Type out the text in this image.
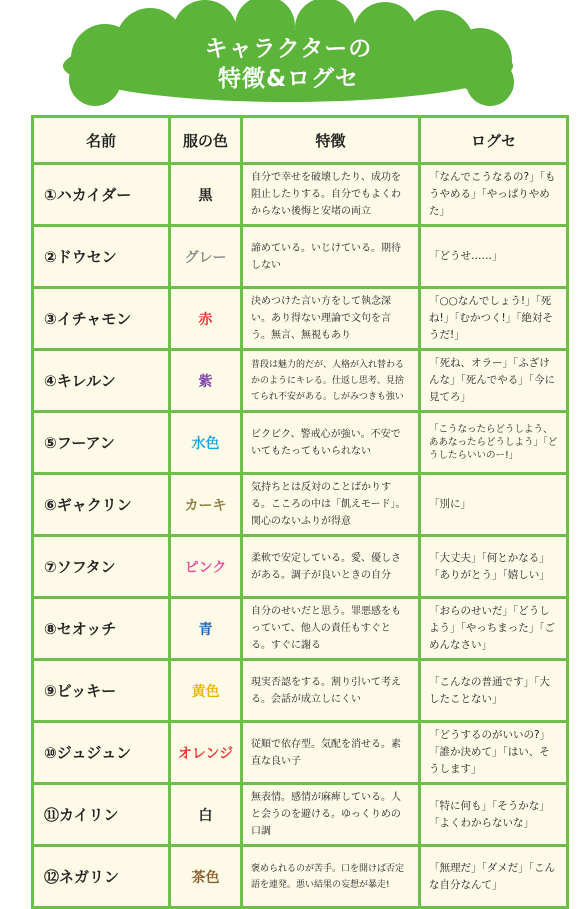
キャラクターの
特徴&ログセ
名前	服の色	特徴	ログセ
①ハカイダー	黒	自分で幸せを破壊したり、成功を阻止したりする。自分でもよくわからない後悔と安堵の両立	「なんでこうなるの?」「もうやめる」「やっぱりやめた」
②ドウセン	グレー	諦めている。いじけている。期待しない	「どうせ……」
③イチャモン	赤	決めつけた言い方をして執念深い。あり得ない理論で文句を言う。無言、無視もあり	「○○なんでしょう!」「死ね!」「むかつく!」「絶対そうだ!」
④キレルン	紫	普段は魅力的だが、人格が入れ替わるかのようにキレる。仕返し思考、見捨てられ不安がある。しがみつきも強い	「死ね、オラー」「ふざけんな」「死んでやる」「今に見てろ」
⑤フーアン	水色	ビクビク、警戒心が強い。不安でいてもたってもいられない	「こうなったらどうしよう、ああなったらどうしよう」「どうしたらいいのー!」
⑥ギャクリン	カーキ	気持ちとは反対のことばかりする。こころの中は「飢えモード」。関心のないふりが得意	「別に」
⑦ソフタン	ピンク	柔軟で安定している。愛、優しさがある。調子が良いときの自分	「大丈夫」「何とかなる」「ありがとう」「嬉しい」
⑧セオッチ	青	自分のせいだと思う。罪悪感をもっていて、他人の責任もすぐとる。すぐに謝る	「おらのせいだ」「どうしよう」「やっちまった」「ごめんなさい」
⑨ビッキー	黄色	現実否認をする。割り引いて考える。会話が成立しにくい	「こんなの普通です」「大したことない」
⑩ジュジュン	オレンジ	従順で依存型。気配を消せる。素直な良い子	「どうするのがいいの?」「誰か決めて」「はい、そうします」
⑪カイリン	白	無表情。感情が麻痺している。人と会うのを避ける。ゆっくりめの口調	「特に何も」「そうかな」「よくわからないな」
⑫ネガリン	茶色	褒められるのが苦手。口を開けば否定語を連発。悪い結果の妄想が暴走!	「無理だ」「ダメだ」「こんな自分なんて」
